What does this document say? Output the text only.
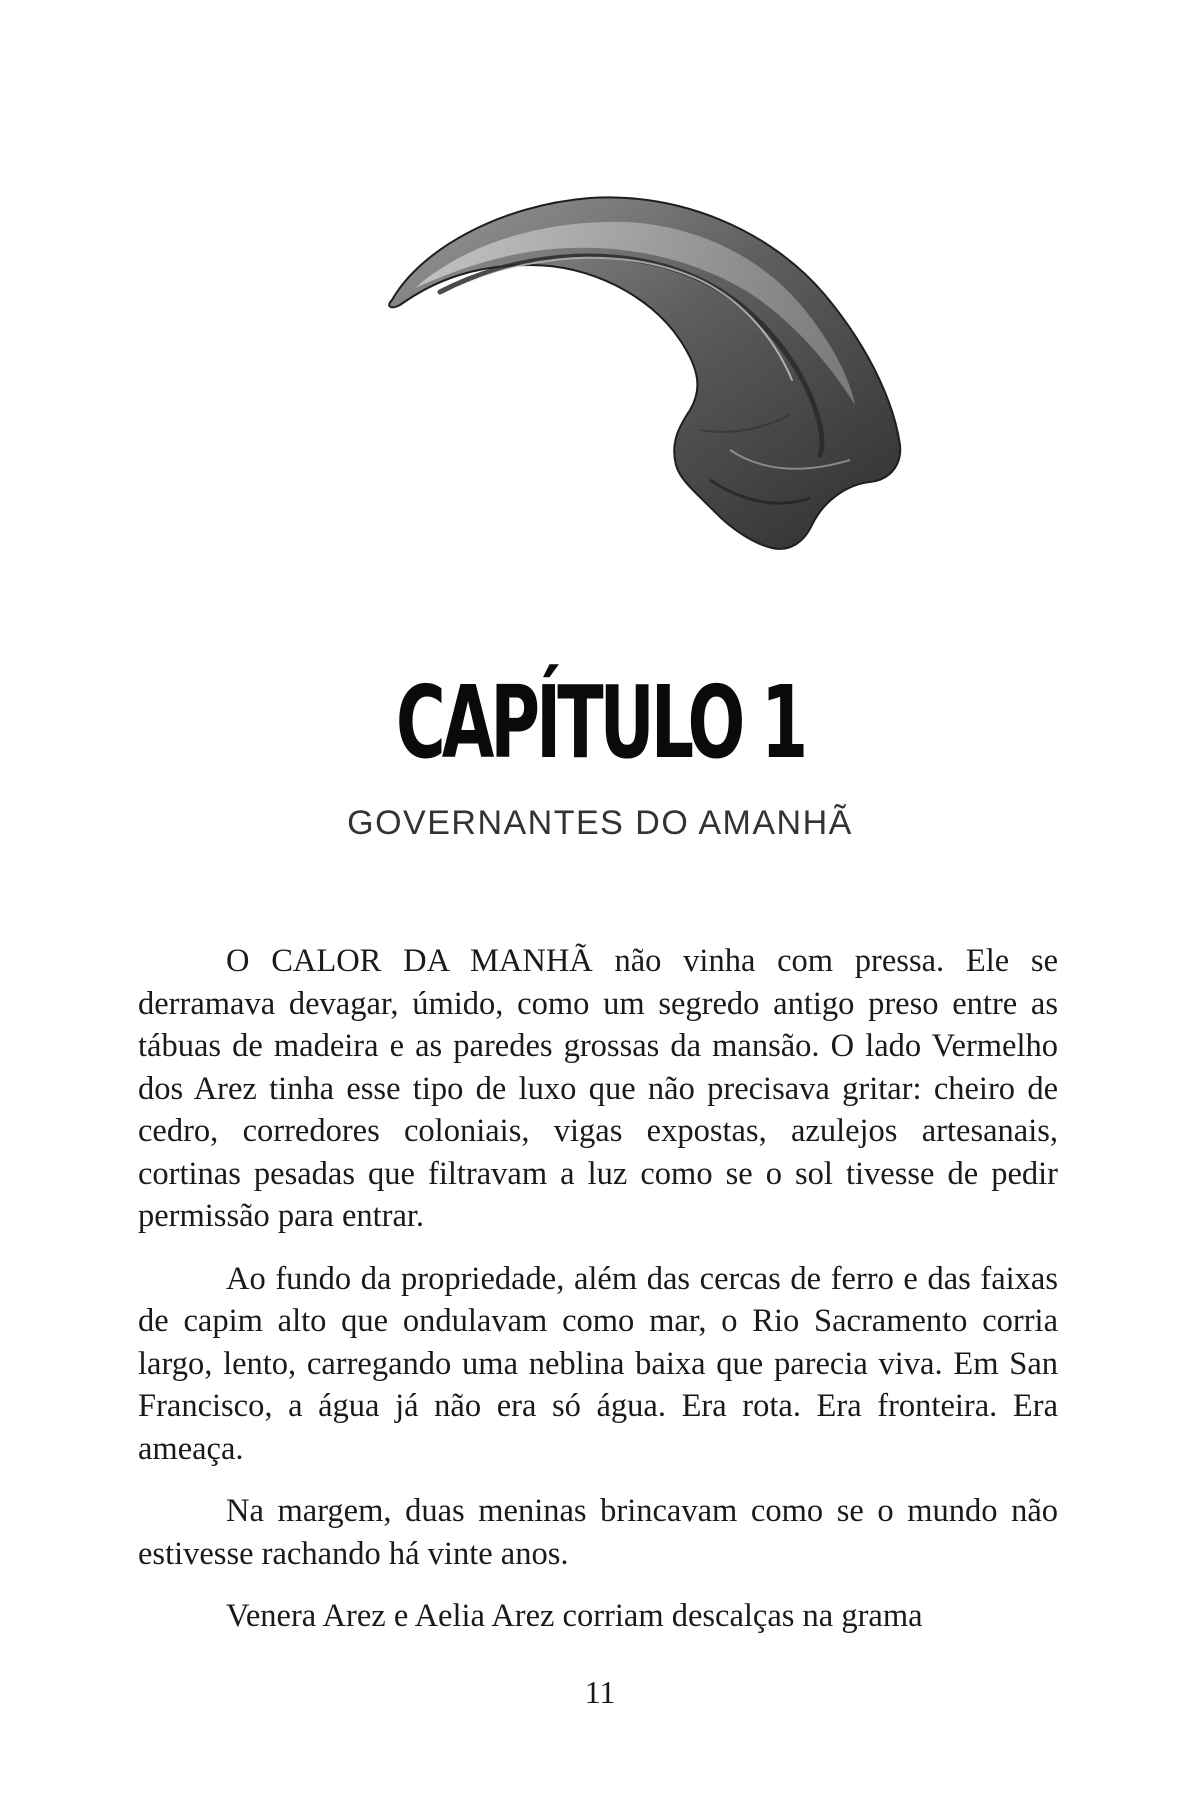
CAPÍTULO 1
GOVERNANTES DO AMANHÃ

O CALOR DA MANHÃ não vinha com pressa. Ele se derramava devagar, úmido, como um segredo antigo preso entre as tábuas de madeira e as paredes grossas da mansão. O lado Vermelho dos Arez tinha esse tipo de luxo que não precisava gritar: cheiro de cedro, corredores coloniais, vigas expostas, azulejos artesanais, cortinas pesadas que filtravam a luz como se o sol tivesse de pedir permissão para entrar.

Ao fundo da propriedade, além das cercas de ferro e das faixas de capim alto que ondulavam como mar, o Rio Sacramento corria largo, lento, carregando uma neblina baixa que parecia viva. Em San Francisco, a água já não era só água. Era rota. Era fronteira. Era ameaça.

Na margem, duas meninas brincavam como se o mundo não estivesse rachando há vinte anos.

Venera Arez e Aelia Arez corriam descalças na grama

11
